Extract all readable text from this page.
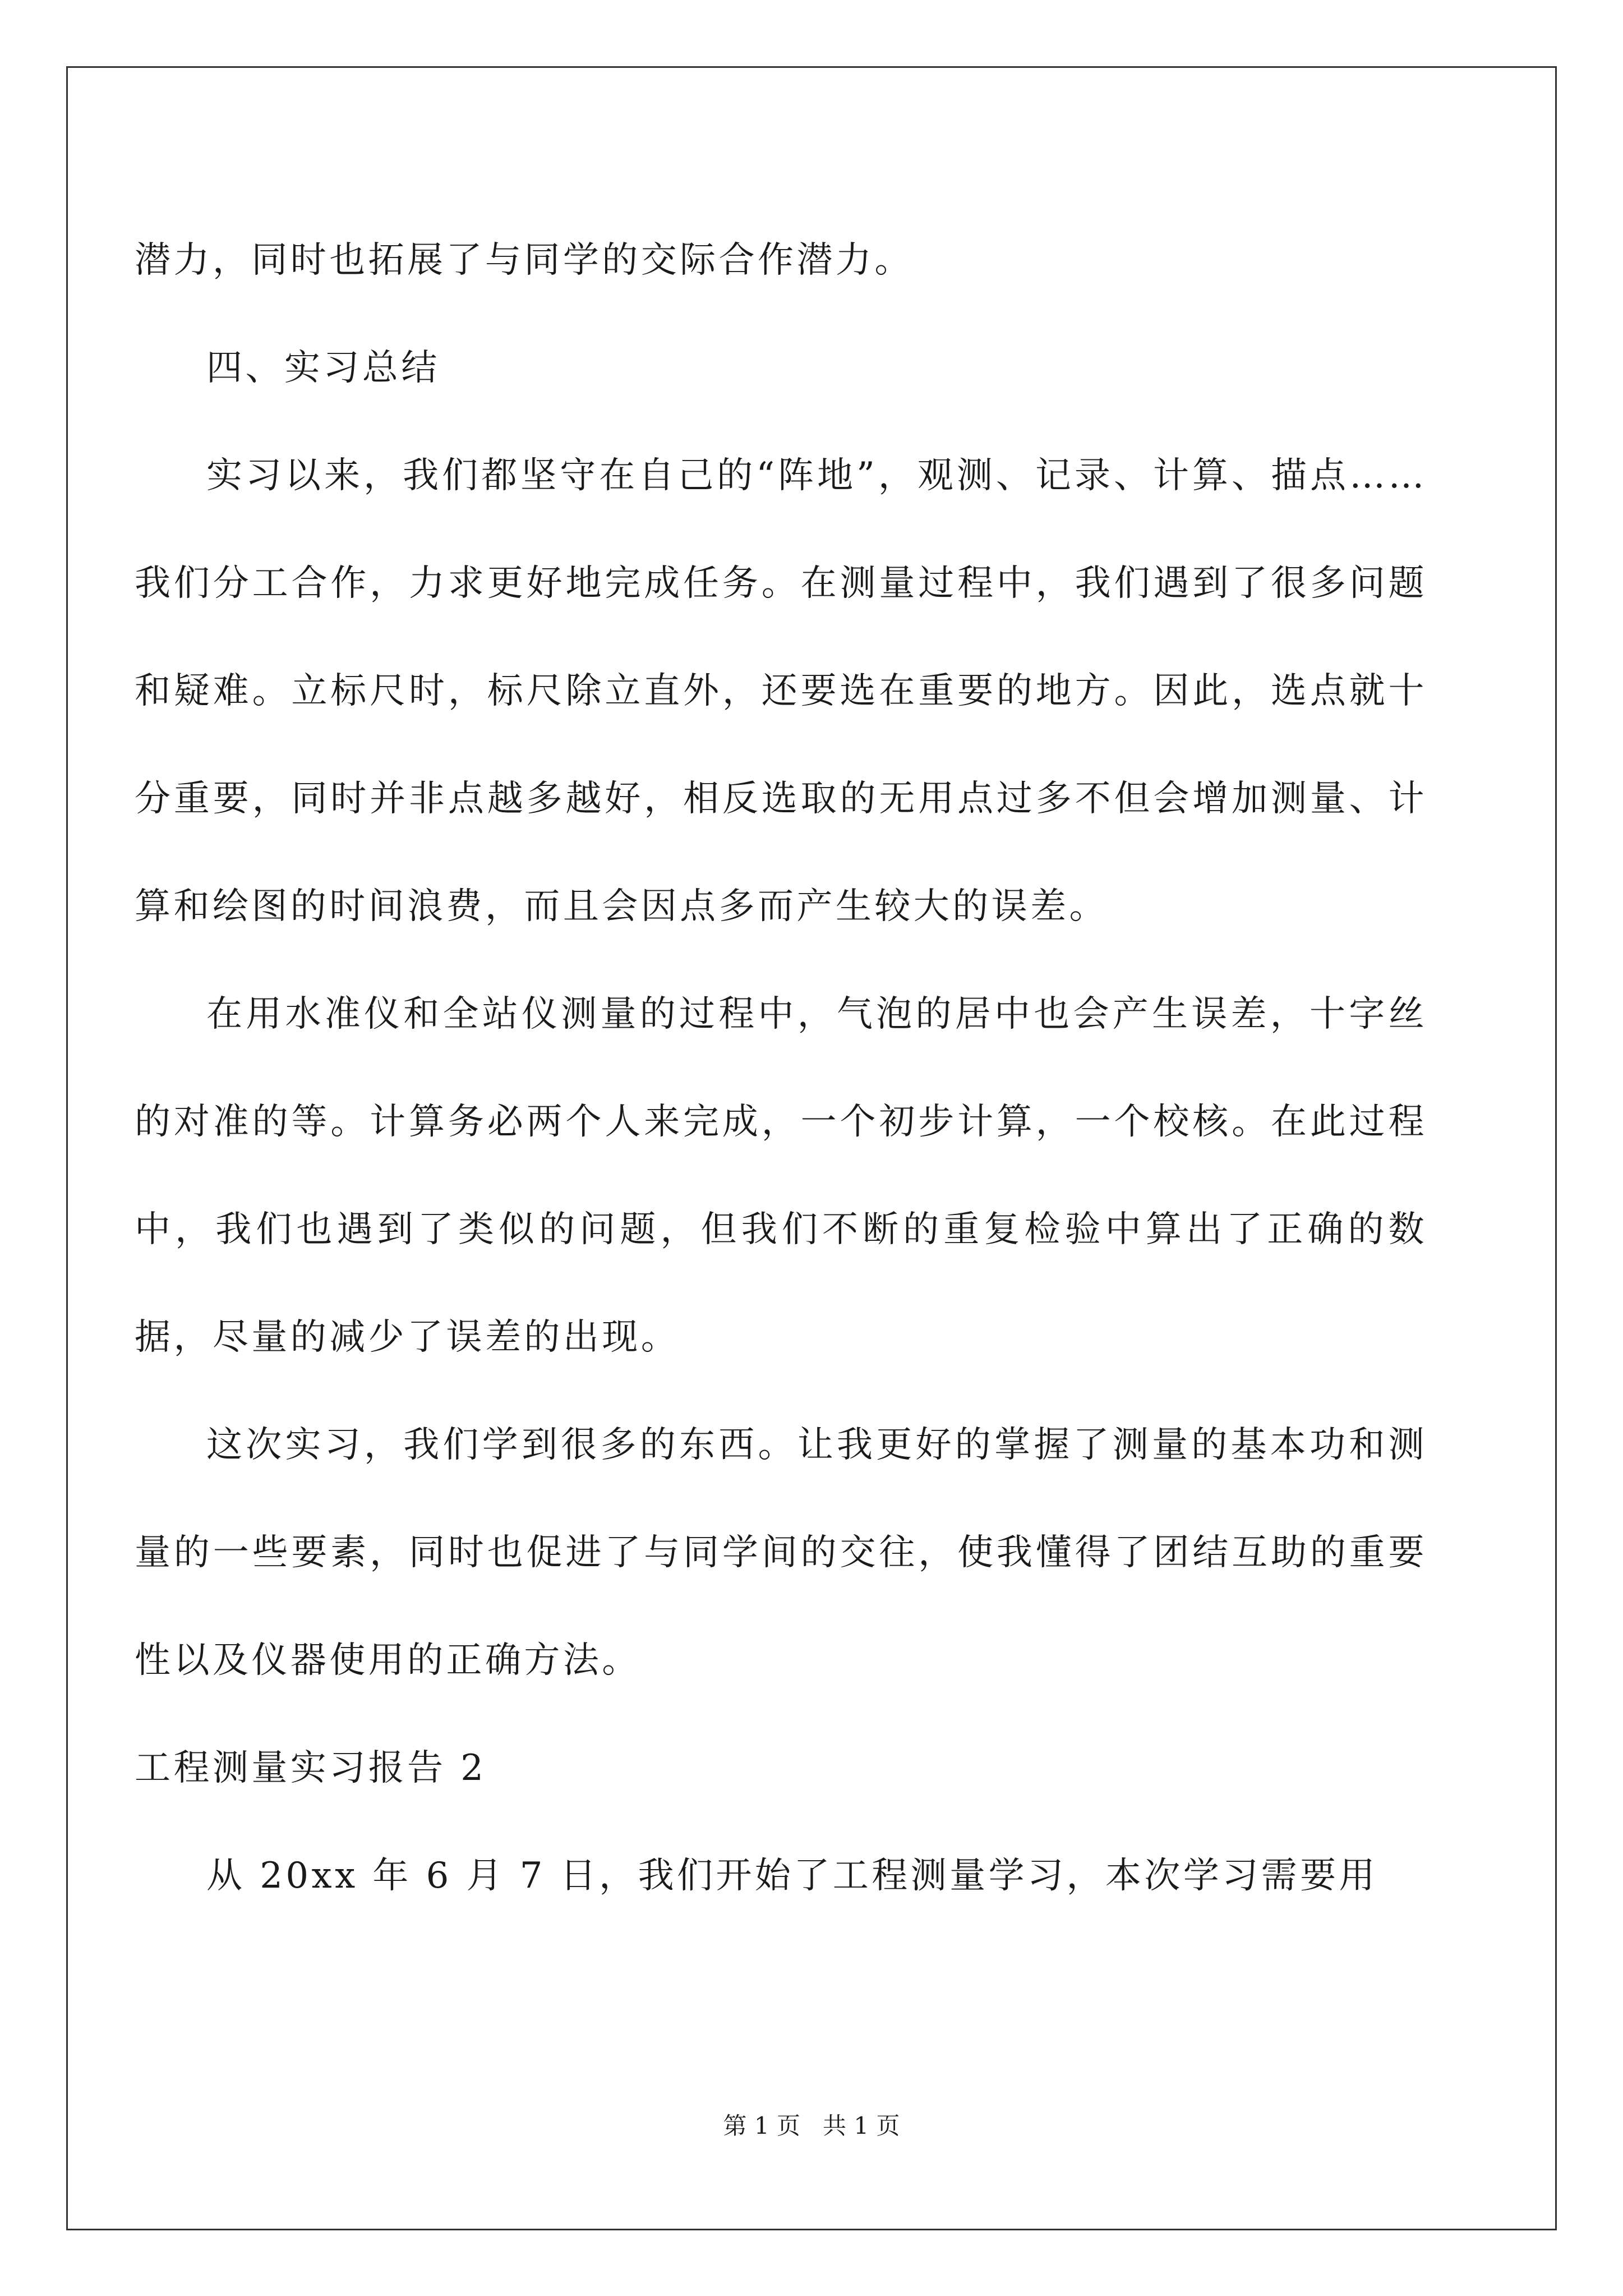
潜力，同时也拓展了与同学的交际合作潜力。

四、实习总结

实习以来，我们都坚守在自己的“阵地”，观测、记录、计算、描点……我们分工合作，力求更好地完成任务。在测量过程中，我们遇到了很多问题和疑难。立标尺时，标尺除立直外，还要选在重要的地方。因此，选点就十分重要，同时并非点越多越好，相反选取的无用点过多不但会增加测量、计算和绘图的时间浪费，而且会因点多而产生较大的误差。

在用水准仪和全站仪测量的过程中，气泡的居中也会产生误差，十字丝的对准的等。计算务必两个人来完成，一个初步计算，一个校核。在此过程中，我们也遇到了类似的问题，但我们不断的重复检验中算出了正确的数据，尽量的减少了误差的出现。

这次实习，我们学到很多的东西。让我更好的掌握了测量的基本功和测量的一些要素，同时也促进了与同学间的交往，使我懂得了团结互助的重要性以及仪器使用的正确方法。

工程测量实习报告 2

从 20xx 年 6 月 7 日，我们开始了工程测量学习，本次学习需要用

第 1 页   共 1 页
